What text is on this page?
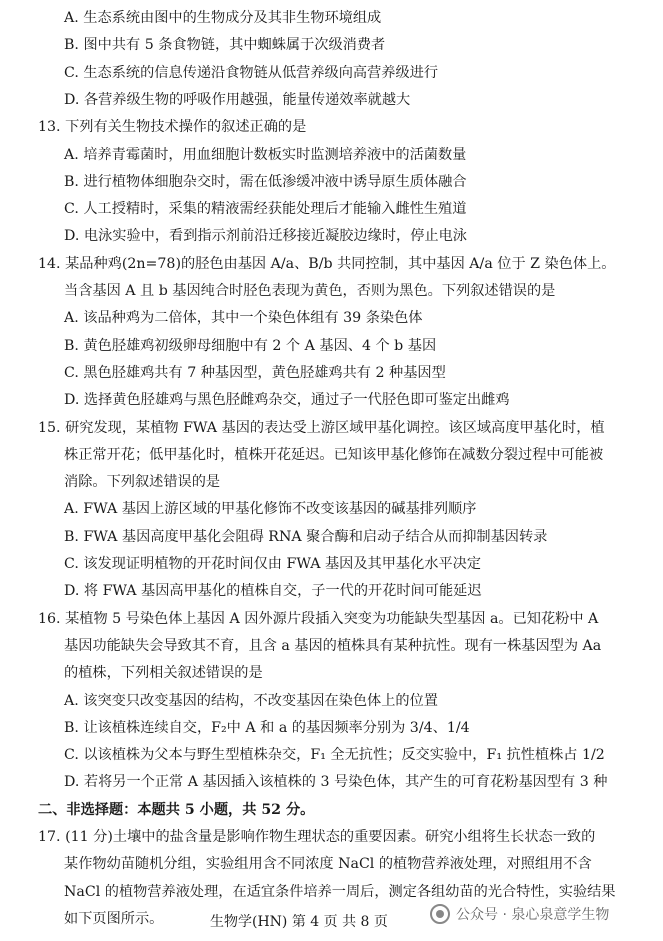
A. 生态系统由图中的生物成分及其非生物环境组成
B. 图中共有 5 条食物链，其中蜘蛛属于次级消费者
C. 生态系统的信息传递沿食物链从低营养级向高营养级进行
D. 各营养级生物的呼吸作用越强，能量传递效率就越大
13. 下列有关生物技术操作的叙述正确的是
A. 培养青霉菌时，用血细胞计数板实时监测培养液中的活菌数量
B. 进行植物体细胞杂交时，需在低渗缓冲液中诱导原生质体融合
C. 人工授精时，采集的精液需经获能处理后才能输入雌性生殖道
D. 电泳实验中，看到指示剂前沿迁移接近凝胶边缘时，停止电泳
14. 某品种鸡(2n=78)的胫色由基因 A/a、B/b 共同控制，其中基因 A/a 位于 Z 染色体上。
当含基因 A 且 b 基因纯合时胫色表现为黄色，否则为黑色。下列叙述错误的是
A. 该品种鸡为二倍体，其中一个染色体组有 39 条染色体
B. 黄色胫雄鸡初级卵母细胞中有 2 个 A 基因、4 个 b 基因
C. 黑色胫雄鸡共有 7 种基因型，黄色胫雄鸡共有 2 种基因型
D. 选择黄色胫雄鸡与黑色胫雌鸡杂交，通过子一代胫色即可鉴定出雌鸡
15. 研究发现，某植物 FWA 基因的表达受上游区域甲基化调控。该区域高度甲基化时，植
株正常开花；低甲基化时，植株开花延迟。已知该甲基化修饰在减数分裂过程中可能被
消除。下列叙述错误的是
A. FWA 基因上游区域的甲基化修饰不改变该基因的碱基排列顺序
B. FWA 基因高度甲基化会阻碍 RNA 聚合酶和启动子结合从而抑制基因转录
C. 该发现证明植物的开花时间仅由 FWA 基因及其甲基化水平决定
D. 将 FWA 基因高甲基化的植株自交，子一代的开花时间可能延迟
16. 某植物 5 号染色体上基因 A 因外源片段插入突变为功能缺失型基因 a。已知花粉中 A
基因功能缺失会导致其不育，且含 a 基因的植株具有某种抗性。现有一株基因型为 Aa
的植株，下列相关叙述错误的是
A. 该突变只改变基因的结构，不改变基因在染色体上的位置
B. 让该植株连续自交，F₂中 A 和 a 的基因频率分别为 3/4、1/4
C. 以该植株为父本与野生型植株杂交，F₁ 全无抗性；反交实验中，F₁ 抗性植株占 1/2
D. 若将另一个正常 A 基因插入该植株的 3 号染色体，其产生的可育花粉基因型有 3 种
二、非选择题：本题共 5 小题，共 52 分。
17. (11 分)土壤中的盐含量是影响作物生理状态的重要因素。研究小组将生长状态一致的
某作物幼苗随机分组，实验组用含不同浓度 NaCl 的植物营养液处理，对照组用不含
NaCl 的植物营养液处理，在适宜条件培养一周后，测定各组幼苗的光合特性，实验结果
如下页图所示。	生物学(HN) 第 4 页 共 8 页	公众号 · 泉心泉意学生物
